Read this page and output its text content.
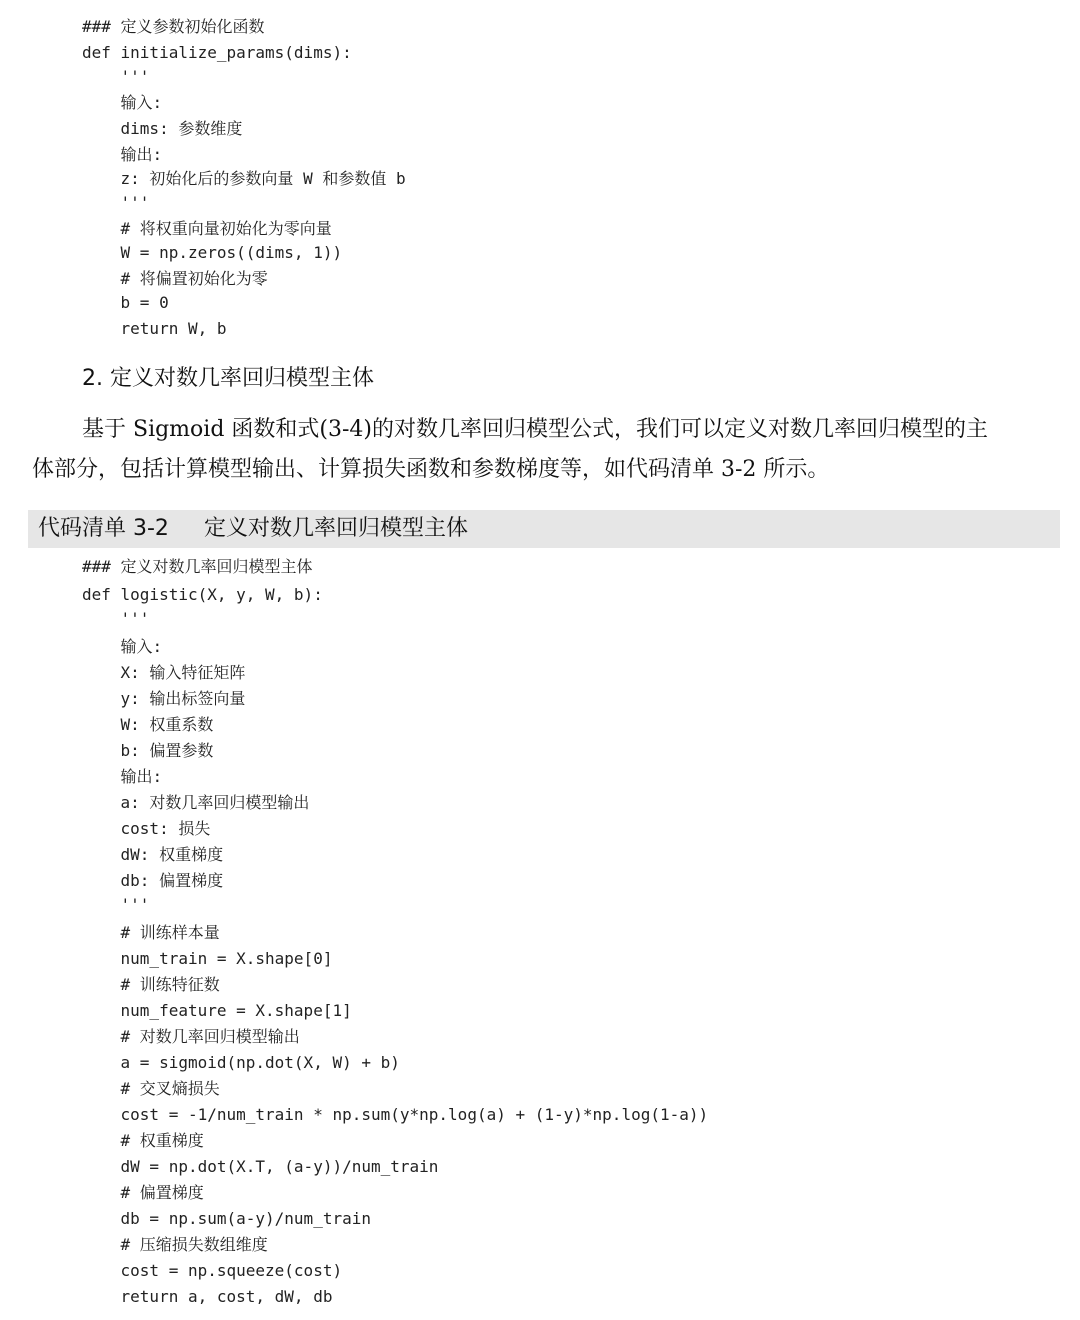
### 定义参数初始化函数

def initialize_params(dims):

'''

输入:

dims: 参数维度

输出:

z: 初始化后的参数向量 W 和参数值 b

'''

# 将权重向量初始化为零向量

W = np.zeros((dims, 1))

# 将偏置初始化为零

b = 0

return W, b

2. 定义对数几率回归模型主体
基于 Sigmoid 函数和式(3-4)的对数几率回归模型公式，我们可以定义对数几率回归模型的主
体部分，包括计算模型输出、计算损失函数和参数梯度等，如代码清单 3-2 所示。
代码清单 3-2 定义对数几率回归模型主体

### 定义对数几率回归模型主体

def logistic(X, y, W, b):

'''

输入:

X: 输入特征矩阵

y: 输出标签向量

W: 权重系数

b: 偏置参数

输出:

a: 对数几率回归模型输出

cost: 损失

dW: 权重梯度

db: 偏置梯度

'''

# 训练样本量

num_train = X.shape[0]

# 训练特征数

num_feature = X.shape[1]

# 对数几率回归模型输出

a = sigmoid(np.dot(X, W) + b)

# 交叉熵损失

cost = -1/num_train * np.sum(y*np.log(a) + (1-y)*np.log(1-a))

# 权重梯度

dW = np.dot(X.T, (a-y))/num_train

# 偏置梯度

db = np.sum(a-y)/num_train

# 压缩损失数组维度

cost = np.squeeze(cost)

return a, cost, dW, db
